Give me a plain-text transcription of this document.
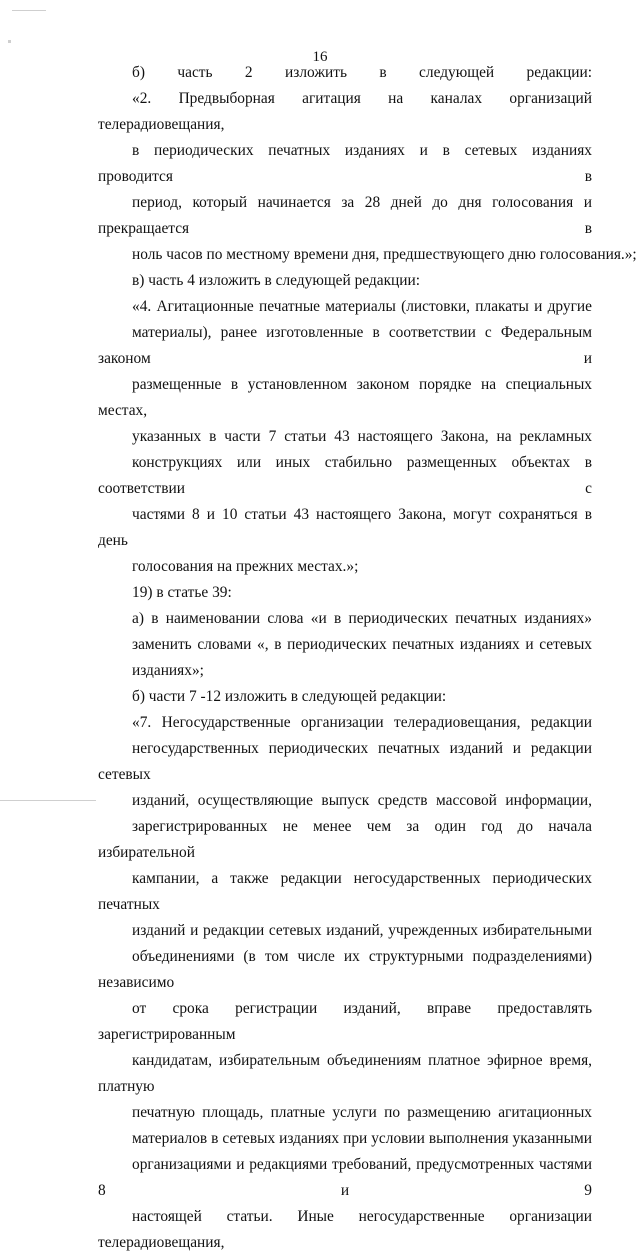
16

б) часть 2 изложить в следующей редакции:

«2. Предвыборная агитация на каналах организаций телерадиовещания,
в периодических печатных изданиях и в сетевых изданиях проводится в
период, который начинается за 28 дней до дня голосования и прекращается в
ноль часов по местному времени дня, предшествующего дню голосования.»;

в) часть 4 изложить в следующей редакции:

«4. Агитационные печатные материалы (листовки, плакаты и другие
материалы), ранее изготовленные в соответствии с Федеральным законом и
размещенные в установленном законом порядке на специальных местах,
указанных в части 7 статьи 43 настоящего Закона, на рекламных
конструкциях или иных стабильно размещенных объектах в соответствии с
частями 8 и 10 статьи 43 настоящего Закона, могут сохраняться в день
голосования на прежних местах.»;

19) в статье 39:

а) в наименовании слова «и в периодических печатных изданиях»
заменить словами «, в периодических печатных изданиях и сетевых
изданиях»;

б) части 7 -12 изложить в следующей редакции:

«7. Негосударственные организации телерадиовещания, редакции
негосударственных периодических печатных изданий и редакции сетевых
изданий, осуществляющие выпуск средств массовой информации,
зарегистрированных не менее чем за один год до начала избирательной
кампании, а также редакции негосударственных периодических печатных
изданий и редакции сетевых изданий, учрежденных избирательными
объединениями (в том числе их структурными подразделениями) независимо
от срока регистрации изданий, вправе предоставлять зарегистрированным
кандидатам, избирательным объединениям платное эфирное время, платную
печатную площадь, платные услуги по размещению агитационных
материалов в сетевых изданиях при условии выполнения указанными
организациями и редакциями требований, предусмотренных частями 8 и 9
настоящей статьи. Иные негосударственные организации телерадиовещания,
